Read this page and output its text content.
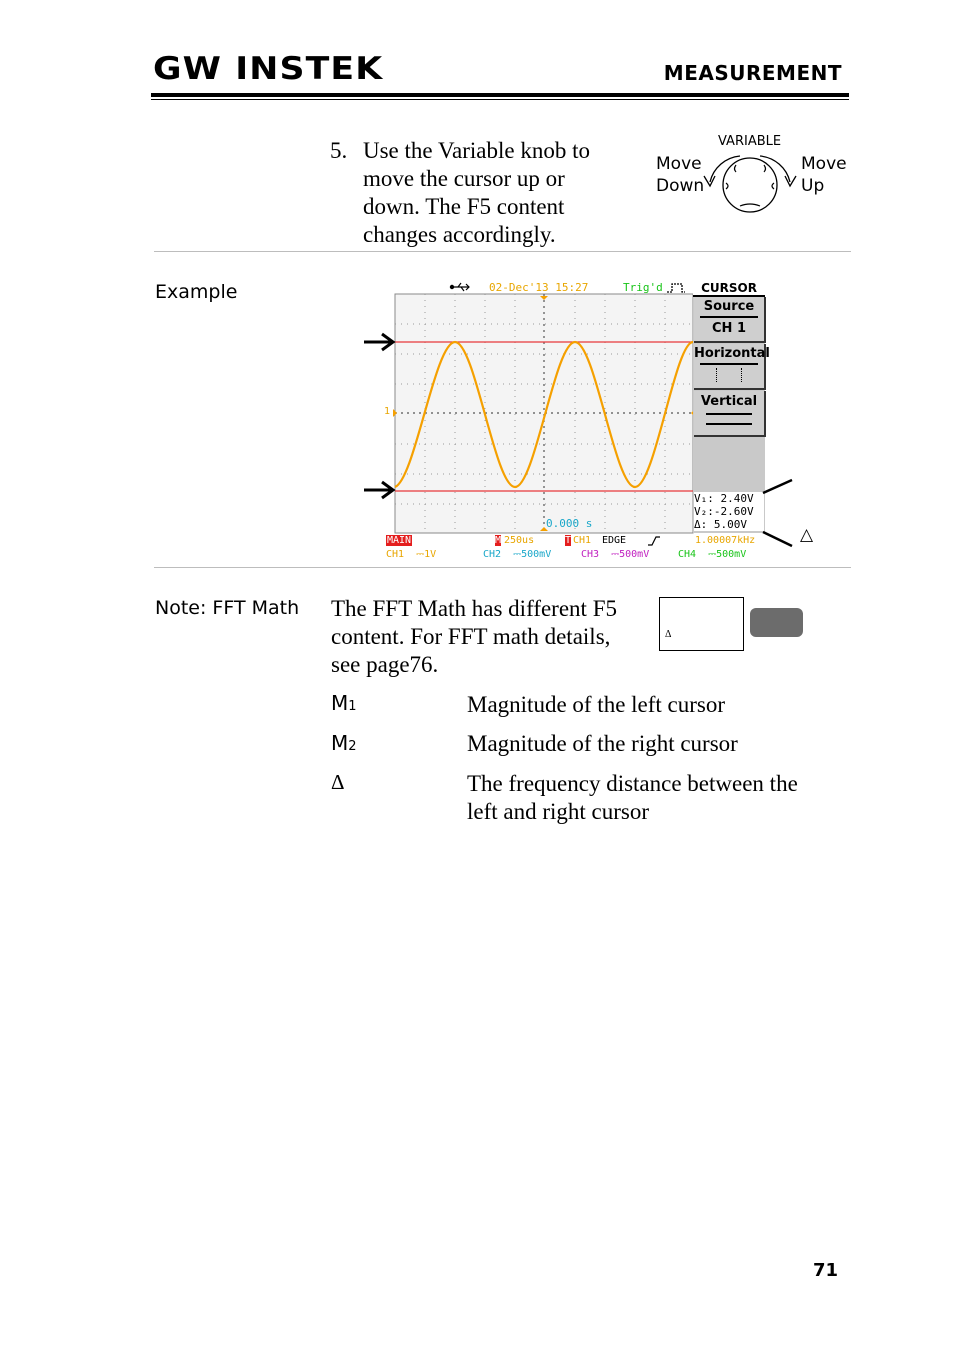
GW INSTEK	MEASUREMENT
5. Use the Variable knob to
move the cursor up or
down. The F5 content
changes accordingly.
VARIABLE
Move
Down
Move
Up
Example	02-Dec'13 15:27	Trig'd
1
0.000 s
CURSOR
Source
CH 1
Horizontal
Vertical
V₁: 2.40V
V₂:-2.60V
Δ: 5.00V
MAIN	M 250us	T CH1 EDGE	1.00007kHz
CH1  ⎓1V	CH2  ⎓500mV	CH3  ⎓500mV	CH4  ⎓500mV
△
Note: FFT Math The FFT Math has different F5
content. For FFT math details,
see page76.
Δ
M1	Magnitude of the left cursor
M2	Magnitude of the right cursor
Δ	The frequency distance between the
left and right cursor
71
